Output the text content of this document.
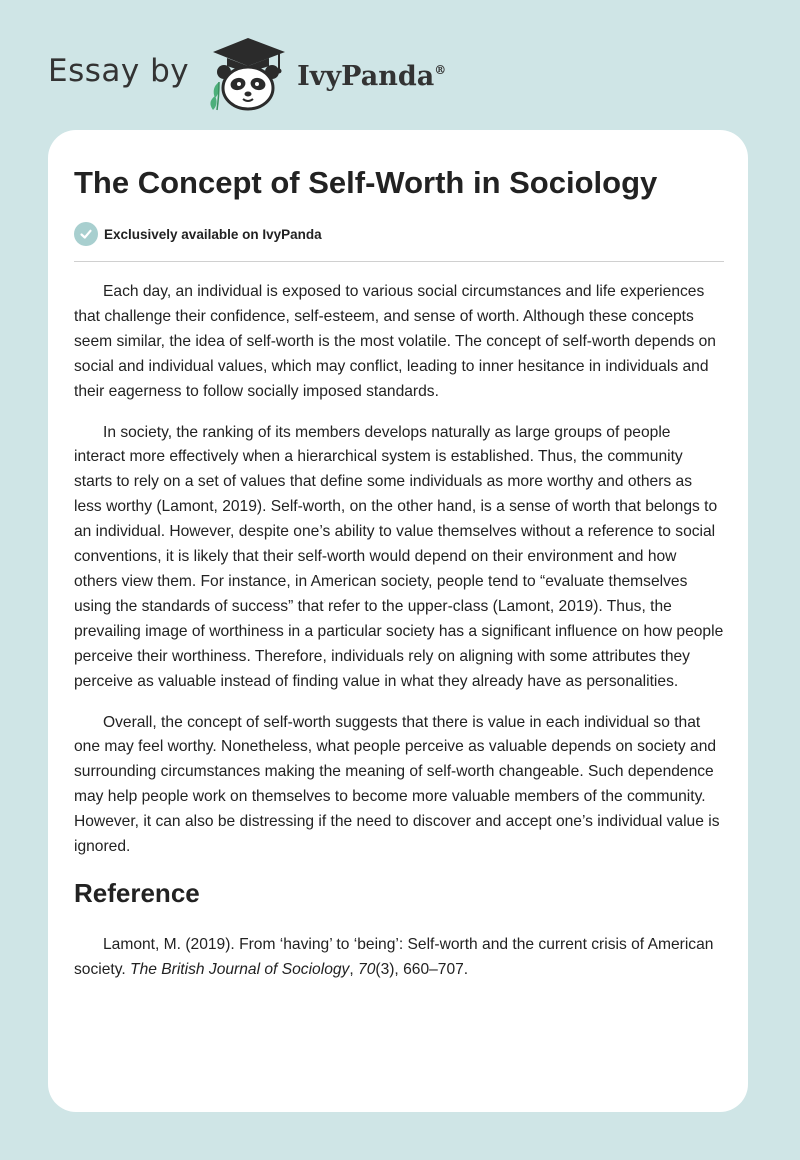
Essay by	IvyPanda®
The Concept of Self-Worth in Sociology
Exclusively available on IvyPanda

Each day, an individual is exposed to various social circumstances and life experiences that challenge their confidence, self-esteem, and sense of worth. Although these concepts seem similar, the idea of self-worth is the most volatile. The concept of self-worth depends on social and individual values, which may conflict, leading to inner hesitance in individuals and their eagerness to follow socially imposed standards.

In society, the ranking of its members develops naturally as large groups of people interact more effectively when a hierarchical system is established. Thus, the community starts to rely on a set of values that define some individuals as more worthy and others as less worthy (Lamont, 2019). Self-worth, on the other hand, is a sense of worth that belongs to an individual. However, despite one’s ability to value themselves without a reference to social conventions, it is likely that their self-worth would depend on their environment and how others view them. For instance, in American society, people tend to “evaluate themselves using the standards of success” that refer to the upper-class (Lamont, 2019). Thus, the prevailing image of worthiness in a particular society has a significant influence on how people perceive their worthiness. Therefore, individuals rely on aligning with some attributes they perceive as valuable instead of finding value in what they already have as personalities.

Overall, the concept of self-worth suggests that there is value in each individual so that one may feel worthy. Nonetheless, what people perceive as valuable depends on society and surrounding circumstances making the meaning of self-worth changeable. Such dependence may help people work on themselves to become more valuable members of the community. However, it can also be distressing if the need to discover and accept one’s individual value is ignored.

Reference

Lamont, M. (2019). From ‘having’ to ‘being’: Self-worth and the current crisis of American society. The British Journal of Sociology, 70(3), 660–707.
